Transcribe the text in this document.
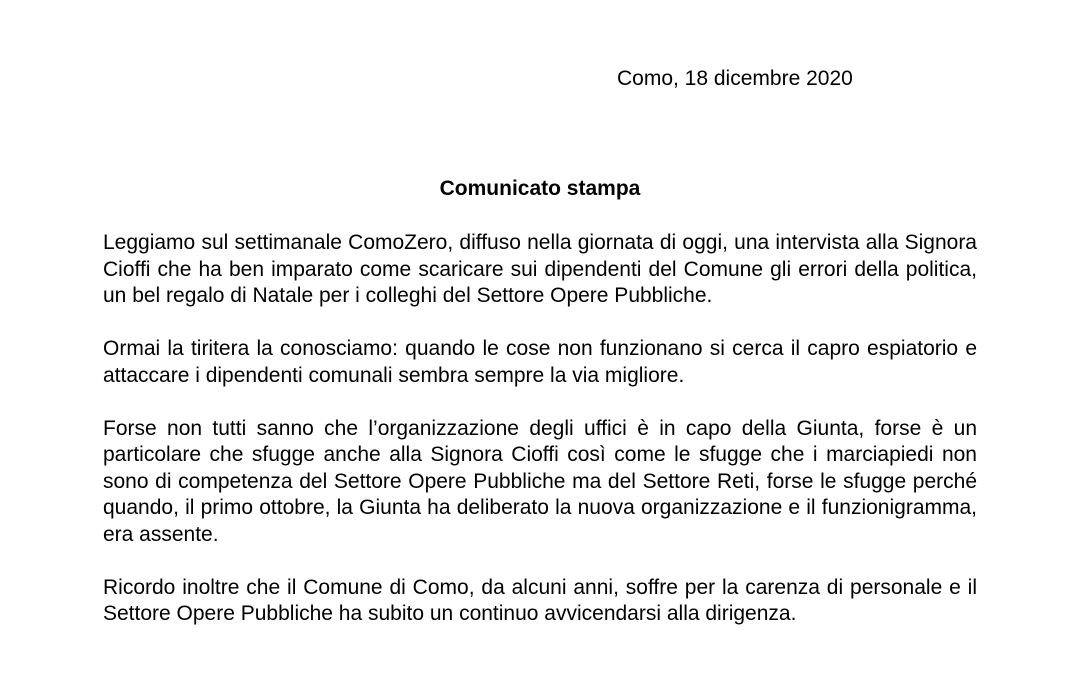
Como, 18 dicembre 2020
Comunicato stampa

Leggiamo sul settimanale ComoZero, diffuso nella giornata di oggi, una intervista alla Signora Cioffi che ha ben imparato come scaricare sui dipendenti del Comune gli errori della politica, un bel regalo di Natale per i colleghi del Settore Opere Pubbliche.

Ormai la tiritera la conosciamo: quando le cose non funzionano si cerca il capro espiatorio e attaccare i dipendenti comunali sembra sempre la via migliore.

Forse non tutti sanno che l’organizzazione degli uffici è in capo della Giunta, forse è un particolare che sfugge anche alla Signora Cioffi così come le sfugge che i marciapiedi non sono di competenza del Settore Opere Pubbliche ma del Settore Reti, forse le sfugge perché quando, il primo ottobre, la Giunta ha deliberato la nuova organizzazione e il funzionigramma, era assente.

Ricordo inoltre che il Comune di Como, da alcuni anni, soffre per la carenza di personale e il Settore Opere Pubbliche ha subito un continuo avvicendarsi alla dirigenza.
